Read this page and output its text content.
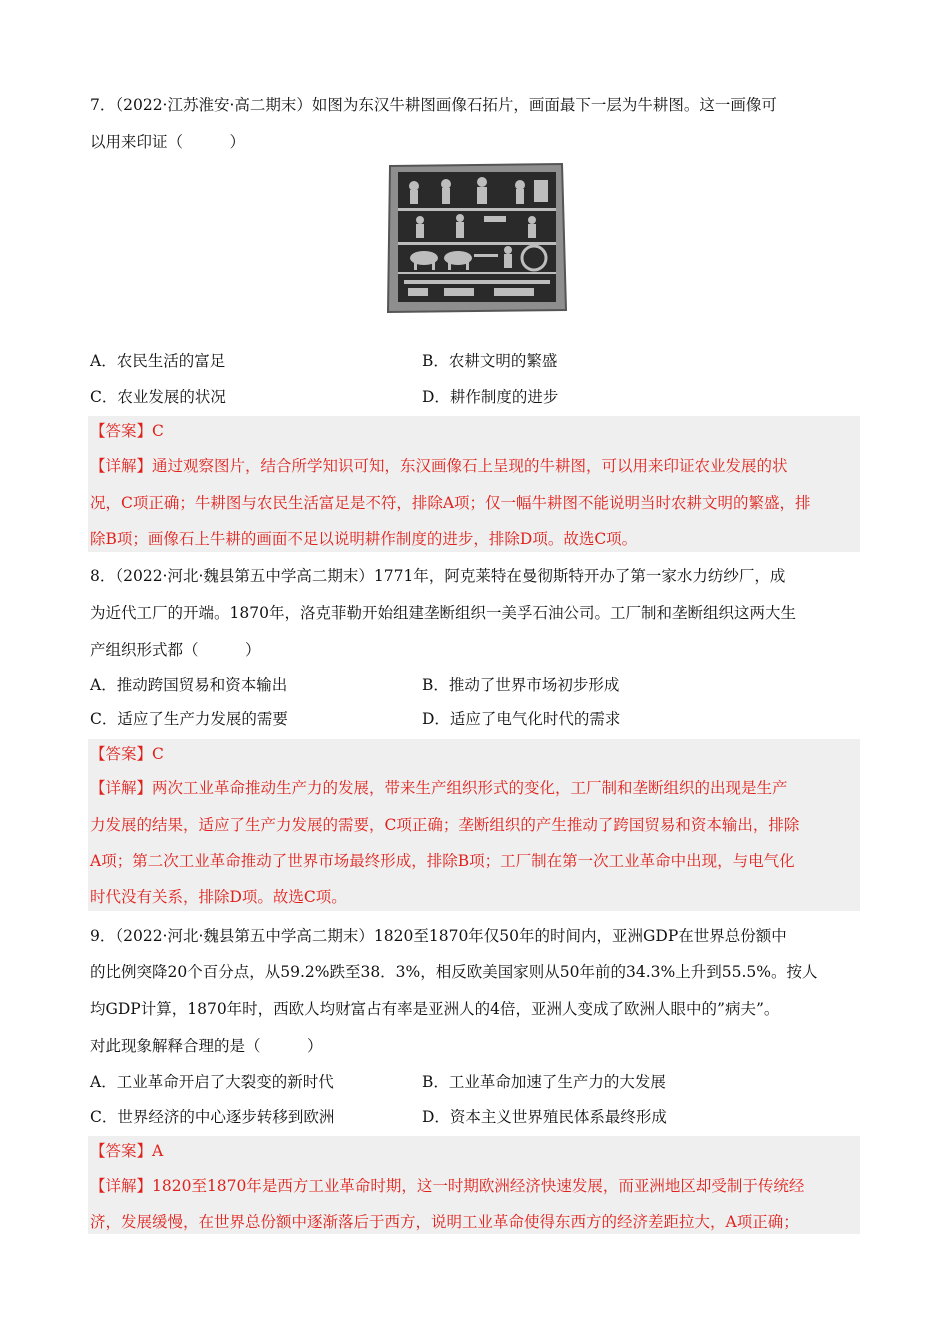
7．（2022·江苏淮安·高二期末）如图为东汉牛耕图画像石拓片，画面最下一层为牛耕图。这一画像可
以用来印证（　　　）
A．农民生活的富足	B．农耕文明的繁盛
C．农业发展的状况	D．耕作制度的进步
【答案】C
【详解】通过观察图片，结合所学知识可知，东汉画像石上呈现的牛耕图，可以用来印证农业发展的状
况，C项正确；牛耕图与农民生活富足是不符，排除A项；仅一幅牛耕图不能说明当时农耕文明的繁盛，排
除B项；画像石上牛耕的画面不足以说明耕作制度的进步，排除D项。故选C项。
8．（2022·河北·魏县第五中学高二期末）1771年，阿克莱特在曼彻斯特开办了第一家水力纺纱厂，成
为近代工厂的开端。1870年，洛克菲勒开始组建垄断组织一美孚石油公司。工厂制和垄断组织这两大生
产组织形式都（　　　）
A．推动跨国贸易和资本输出	B．推动了世界市场初步形成
C．适应了生产力发展的需要	D．适应了电气化时代的需求
【答案】C
【详解】两次工业革命推动生产力的发展，带来生产组织形式的变化，工厂制和垄断组织的出现是生产
力发展的结果，适应了生产力发展的需要，C项正确；垄断组织的产生推动了跨国贸易和资本输出，排除
A项；第二次工业革命推动了世界市场最终形成，排除B项；工厂制在第一次工业革命中出现，与电气化
时代没有关系，排除D项。故选C项。
9．（2022·河北·魏县第五中学高二期末）1820至1870年仅50年的时间内，亚洲GDP在世界总份额中
的比例突降20个百分点，从59.2%跌至38．3%，相反欧美国家则从50年前的34.3%上升到55.5%。按人
均GDP计算，1870年时，西欧人均财富占有率是亚洲人的4倍，亚洲人变成了欧洲人眼中的”病夫”。
对此现象解释合理的是（　　　）
A．工业革命开启了大裂变的新时代	B．工业革命加速了生产力的大发展
C．世界经济的中心逐步转移到欧洲	D．资本主义世界殖民体系最终形成
【答案】A
【详解】1820至1870年是西方工业革命时期，这一时期欧洲经济快速发展，而亚洲地区却受制于传统经
济，发展缓慢，在世界总份额中逐渐落后于西方，说明工业革命使得东西方的经济差距拉大，A项正确；
